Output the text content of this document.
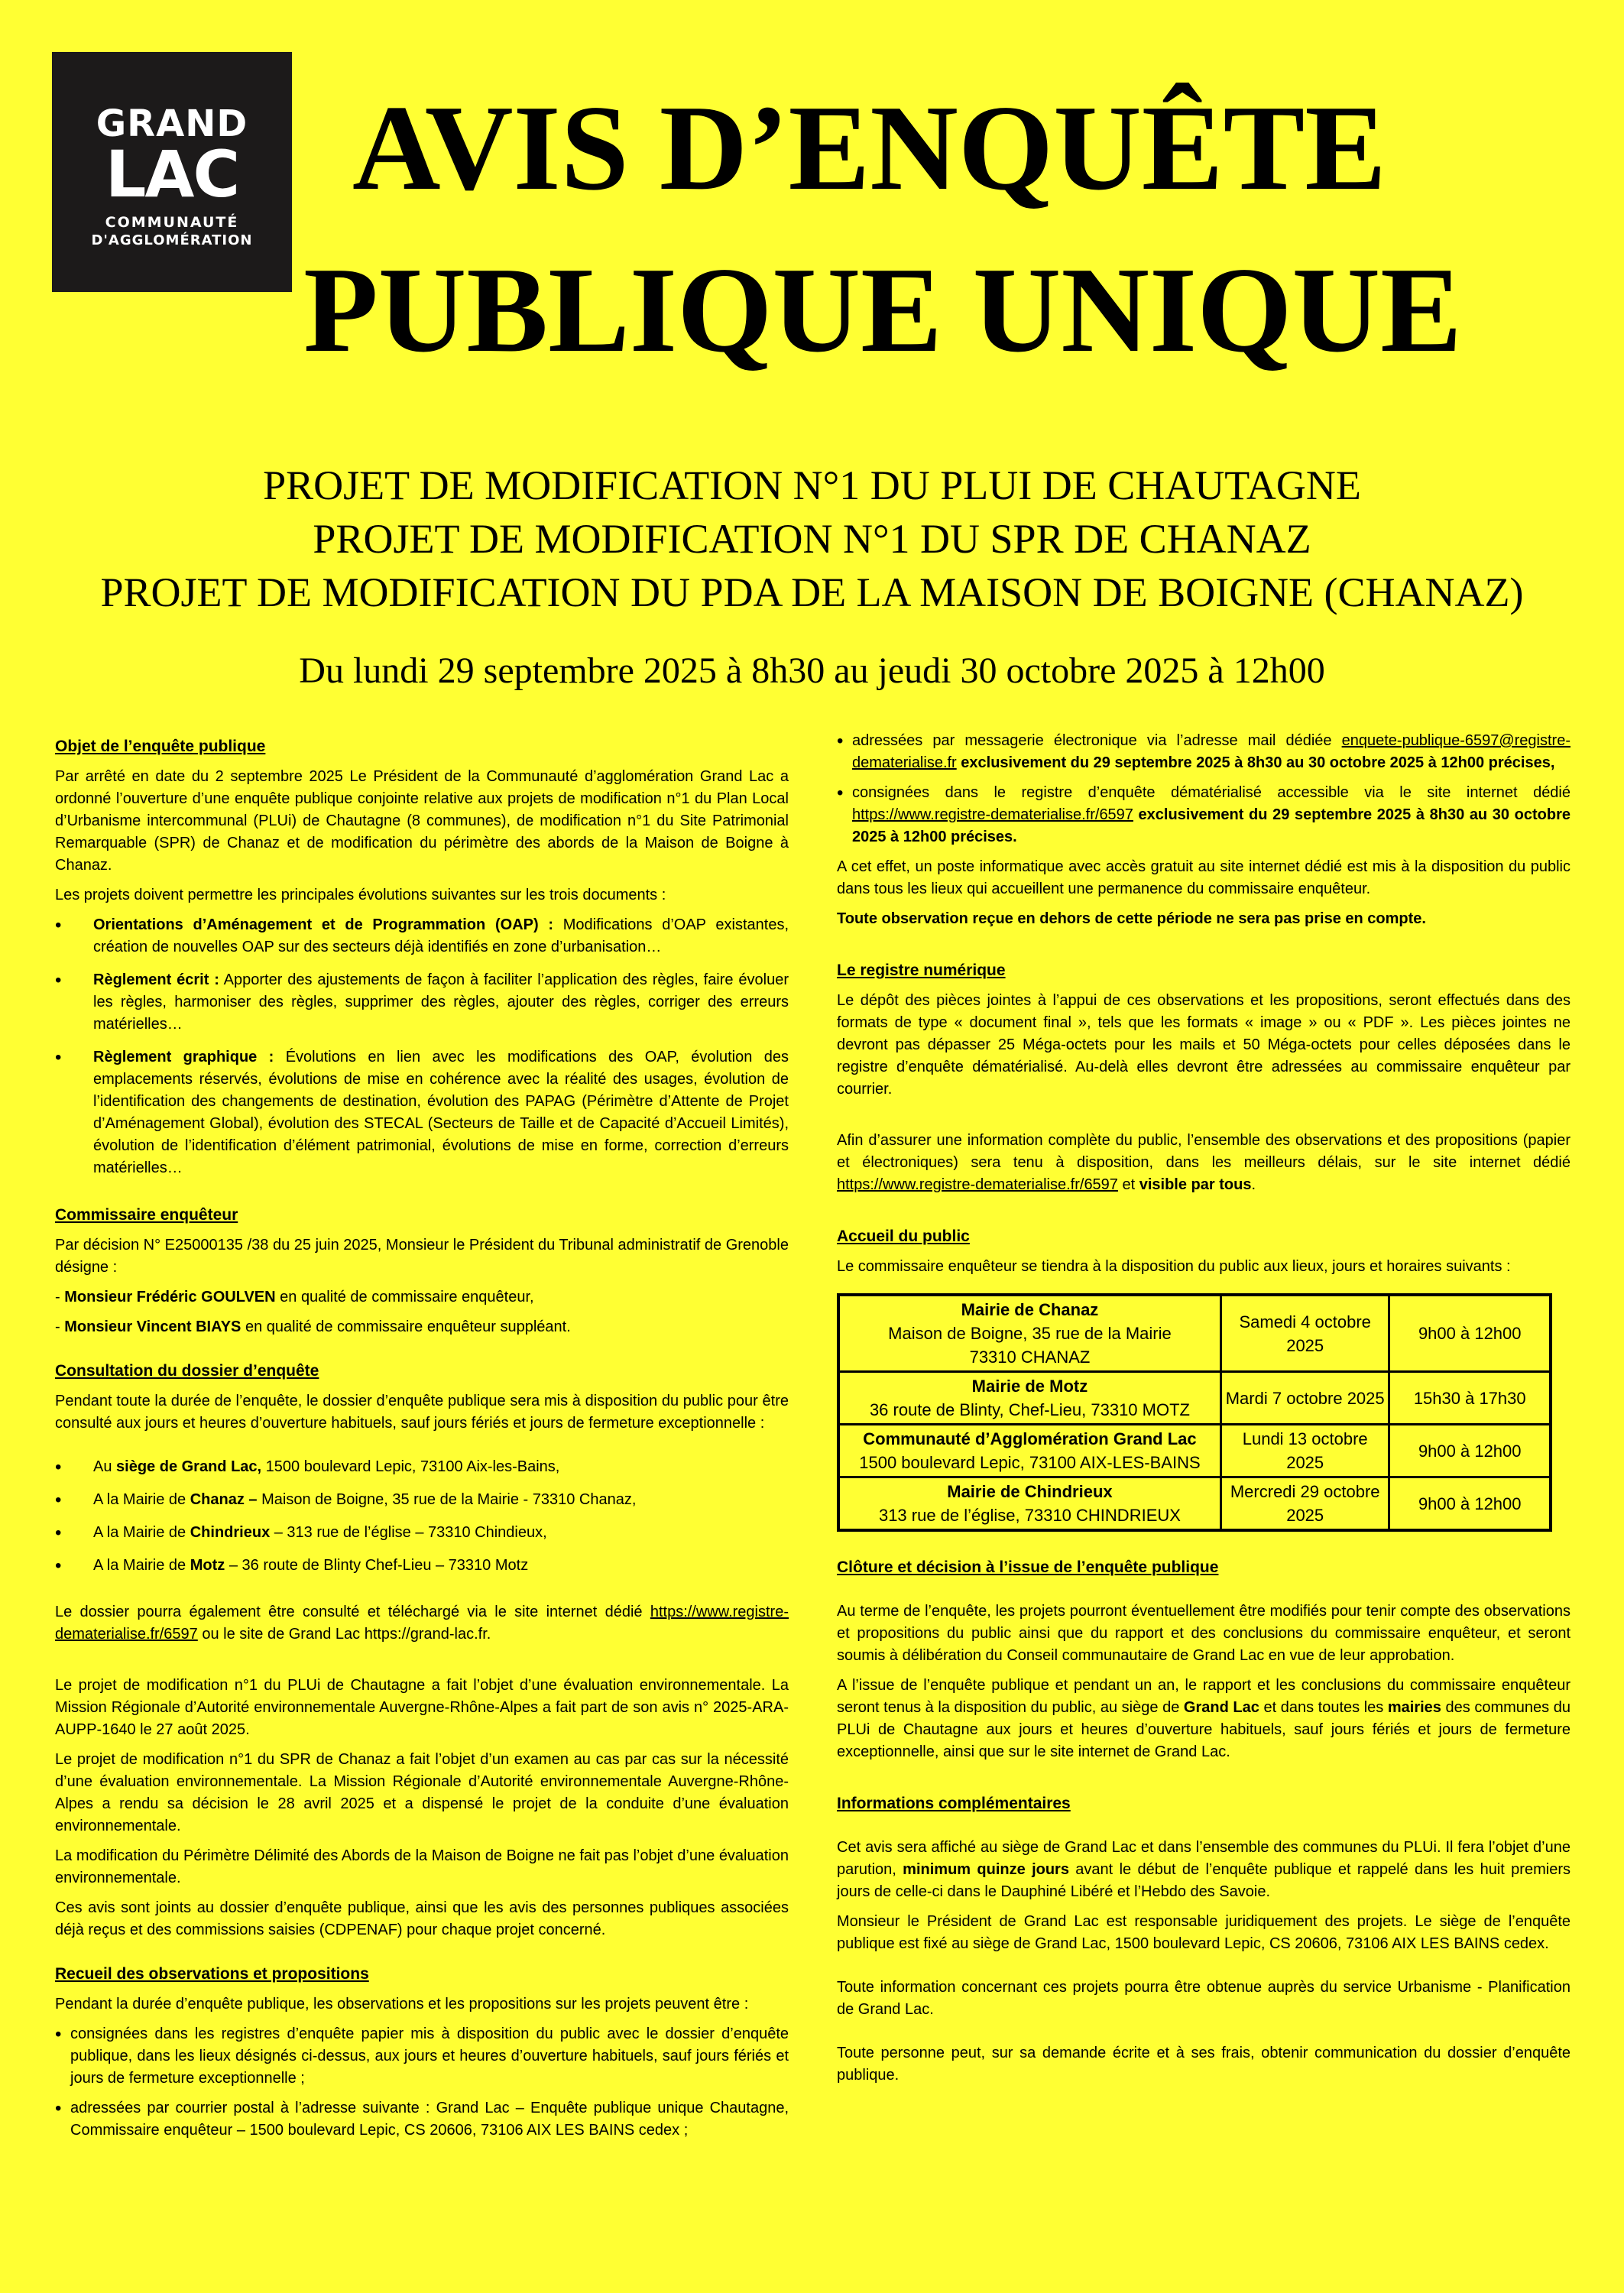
GRAND
LAC
COMMUNAUTÉ
D'AGGLOMÉRATION
AVIS D’ENQUÊTE
PUBLIQUE UNIQUE
PROJET DE MODIFICATION N°1 DU PLUI DE CHAUTAGNE
PROJET DE MODIFICATION N°1 DU SPR DE CHANAZ
PROJET DE MODIFICATION DU PDA DE LA MAISON DE BOIGNE (CHANAZ)
Du lundi 29 septembre 2025 à 8h30 au jeudi 30 octobre 2025 à 12h00
Objet de l’enquête publique

Par arrêté en date du 2 septembre 2025 Le Président de la Communauté d’agglomération Grand Lac a ordonné l’ouverture d’une enquête publique conjointe relative aux projets de modification n°1 du Plan Local d’Urbanisme intercommunal (PLUi) de Chautagne (8 communes), de modification n°1 du Site Patrimonial Remarquable (SPR) de Chanaz et de modification du périmètre des abords de la Maison de Boigne à Chanaz.

Les projets doivent permettre les principales évolutions suivantes sur les trois documents :

• Orientations d’Aménagement et de Programmation (OAP) : Modifications d’OAP existantes, création de nouvelles OAP sur des secteurs déjà identifiés en zone d’urbanisation…
• Règlement écrit : Apporter des ajustements de façon à faciliter l’application des règles, faire évoluer les règles, harmoniser des règles, supprimer des règles, ajouter des règles, corriger des erreurs matérielles…
• Règlement graphique : Évolutions en lien avec les modifications des OAP, évolution des emplacements réservés, évolutions de mise en cohérence avec la réalité des usages, évolution de l’identification des changements de destination, évolution des PAPAG (Périmètre d’Attente de Projet d’Aménagement Global), évolution des STECAL (Secteurs de Taille et de Capacité d’Accueil Limités), évolution de l’identification d’élément patrimonial, évolutions de mise en forme, correction d’erreurs matérielles…
Commissaire enquêteur

Par décision N° E25000135 /38 du 25 juin 2025, Monsieur le Président du Tribunal administratif de Grenoble désigne :

- Monsieur Frédéric GOULVEN en qualité de commissaire enquêteur,

- Monsieur Vincent BIAYS en qualité de commissaire enquêteur suppléant.

Consultation du dossier d’enquête

Pendant toute la durée de l’enquête, le dossier d’enquête publique sera mis à disposition du public pour être consulté aux jours et heures d’ouverture habituels, sauf jours fériés et jours de fermeture exceptionnelle :

• Au siège de Grand Lac, 1500 boulevard Lepic, 73100 Aix-les-Bains,
• A la Mairie de Chanaz – Maison de Boigne, 35 rue de la Mairie - 73310 Chanaz,
• A la Mairie de Chindrieux – 313 rue de l’église – 73310 Chindieux,
• A la Mairie de Motz – 36 route de Blinty Chef-Lieu – 73310 Motz

Le dossier pourra également être consulté et téléchargé via le site internet dédié https://www.registre-dematerialise.fr/6597 ou le site de Grand Lac https://grand-lac.fr.

Le projet de modification n°1 du PLUi de Chautagne a fait l’objet d’une évaluation environnementale. La Mission Régionale d’Autorité environnementale Auvergne-Rhône-Alpes a fait part de son avis n° 2025-ARA-AUPP-1640 le 27 août 2025.

Le projet de modification n°1 du SPR de Chanaz a fait l’objet d’un examen au cas par cas sur la nécessité d’une évaluation environnementale. La Mission Régionale d’Autorité environnementale Auvergne-Rhône-Alpes a rendu sa décision le 28 avril 2025 et a dispensé le projet de la conduite d’une évaluation environnementale.

La modification du Périmètre Délimité des Abords de la Maison de Boigne ne fait pas l’objet d’une évaluation environnementale.

Ces avis sont joints au dossier d’enquête publique, ainsi que les avis des personnes publiques associées déjà reçus et des commissions saisies (CDPENAF) pour chaque projet concerné.

Recueil des observations et propositions

Pendant la durée d’enquête publique, les observations et les propositions sur les projets peuvent être :

• consignées dans les registres d’enquête papier mis à disposition du public avec le dossier d’enquête publique, dans les lieux désignés ci-dessus, aux jours et heures d’ouverture habituels, sauf jours fériés et jours de fermeture exceptionnelle ;
• adressées par courrier postal à l’adresse suivante : Grand Lac – Enquête publique unique Chautagne, Commissaire enquêteur – 1500 boulevard Lepic, CS 20606, 73106 AIX LES BAINS cedex ;
• adressées par messagerie électronique via l’adresse mail dédiée enquete-publique-6597@registre-dematerialise.fr exclusivement du 29 septembre 2025 à 8h30 au 30 octobre 2025 à 12h00 précises,
• consignées dans le registre d’enquête dématérialisé accessible via le site internet dédié https://www.registre-dematerialise.fr/6597 exclusivement du 29 septembre 2025 à 8h30 au 30 octobre 2025 à 12h00 précises.

A cet effet, un poste informatique avec accès gratuit au site internet dédié est mis à la disposition du public dans tous les lieux qui accueillent une permanence du commissaire enquêteur.

Toute observation reçue en dehors de cette période ne sera pas prise en compte.

Le registre numérique

Le dépôt des pièces jointes à l’appui de ces observations et les propositions, seront effectués dans des formats de type « document final », tels que les formats « image » ou « PDF ». Les pièces jointes ne devront pas dépasser 25 Méga-octets pour les mails et 50 Méga-octets pour celles déposées dans le registre d’enquête dématérialisé. Au-delà elles devront être adressées au commissaire enquêteur par courrier.

Afin d’assurer une information complète du public, l’ensemble des observations et des propositions (papier et électroniques) sera tenu à disposition, dans les meilleurs délais, sur le site internet dédié https://www.registre-dematerialise.fr/6597 et visible par tous.

Accueil du public

Le commissaire enquêteur se tiendra à la disposition du public aux lieux, jours et horaires suivants :

Mairie de Chanaz
Maison de Boigne, 35 rue de la Mairie
73310 CHANAZ	Samedi 4 octobre 2025	9h00 à 12h00
Mairie de Motz
36 route de Blinty, Chef-Lieu, 73310 MOTZ	Mardi 7 octobre 2025	15h30 à 17h30
Communauté d’Agglomération Grand Lac
1500 boulevard Lepic, 73100 AIX-LES-BAINS	Lundi 13 octobre 2025	9h00 à 12h00
Mairie de Chindrieux
313 rue de l’église, 73310 CHINDRIEUX	Mercredi 29 octobre 2025	9h00 à 12h00
Clôture et décision à l’issue de l’enquête publique

Au terme de l’enquête, les projets pourront éventuellement être modifiés pour tenir compte des observations et propositions du public ainsi que du rapport et des conclusions du commissaire enquêteur, et seront soumis à délibération du Conseil communautaire de Grand Lac en vue de leur approbation.

A l’issue de l’enquête publique et pendant un an, le rapport et les conclusions du commissaire enquêteur seront tenus à la disposition du public, au siège de Grand Lac et dans toutes les mairies des communes du PLUi de Chautagne aux jours et heures d’ouverture habituels, sauf jours fériés et jours de fermeture exceptionnelle, ainsi que sur le site internet de Grand Lac.

Informations complémentaires

Cet avis sera affiché au siège de Grand Lac et dans l’ensemble des communes du PLUi. Il fera l’objet d’une parution, minimum quinze jours avant le début de l’enquête publique et rappelé dans les huit premiers jours de celle-ci dans le Dauphiné Libéré et l’Hebdo des Savoie.

Monsieur le Président de Grand Lac est responsable juridiquement des projets. Le siège de l’enquête publique est fixé au siège de Grand Lac, 1500 boulevard Lepic, CS 20606, 73106 AIX LES BAINS cedex.

Toute information concernant ces projets pourra être obtenue auprès du service Urbanisme - Planification de Grand Lac.

Toute personne peut, sur sa demande écrite et à ses frais, obtenir communication du dossier d’enquête publique.
